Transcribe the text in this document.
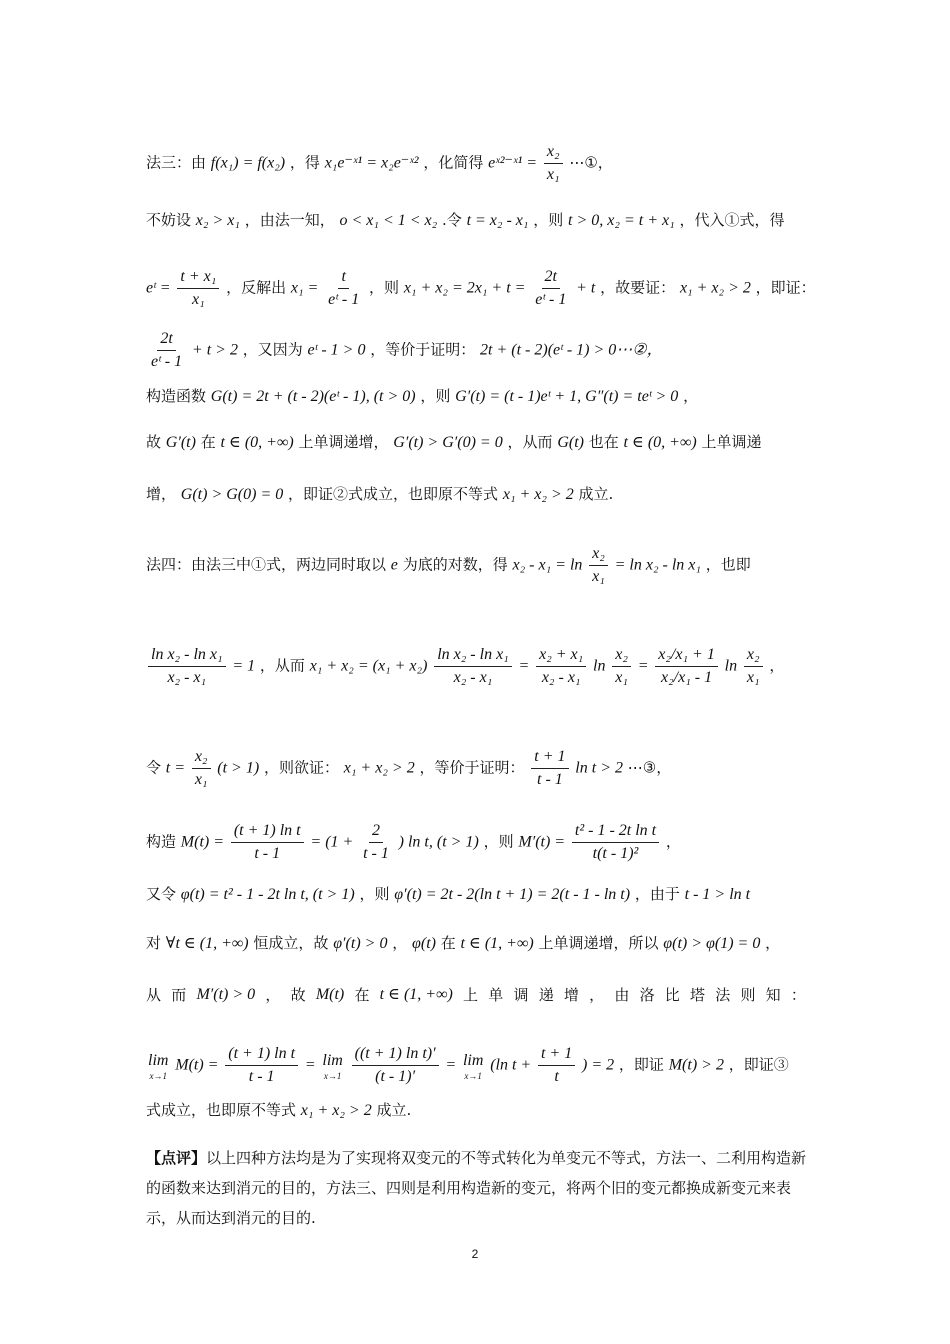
法三：由 f(x₁) = f(x₂) ，得 x₁e⁻ˣ¹ = x₂e⁻ˣ² ，化简得 eˣ²⁻ˣ¹ = $\frac{\text{x₂}}{\text{x₁}}$ ⋯①，
不妨设 x₂ > x₁ ，由法一知， o < x₁ < 1 < x₂ .令 t = x₂ - x₁ ，则 t > 0, x₂ = t + x₁ ，代入①式，得
eᵗ = $\frac{\text{t + x₁}}{\text{x₁}}$ ，反解出 $x_1 = \frac{t}{\text{eᵗ - 1}}$ ，则 $x_1 + x_2 = 2x_1 + t = \frac{2t}{\text{eᵗ - 1}} + t$ ，故要证： x₁ + x₂ > 2 ，即证：
$\frac{2t}{\text{eᵗ - 1}} + t > 2$ ，又因为 eᵗ - 1 > 0 ，等价于证明： 2t + (t - 2)(eᵗ - 1) > 0⋯②，
构造函数 G(t) = 2t + (t - 2)(eᵗ - 1), (t > 0) ，则 G′(t) = (t - 1)eᵗ + 1, G″(t) = teᵗ > 0 ，
故 G′(t) 在 t ∈ (0, +∞) 上单调递增， G′(t) > G′(0) = 0 ，从而 G(t) 也在 t ∈ (0, +∞) 上单调递
增， G(t) > G(0) = 0 ，即证②式成立，也即原不等式 x₁ + x₂ > 2 成立.
法四：由法三中①式，两边同时取以 e 为底的对数，得 $x_2 - x_1 = \ln \frac{\text{x₂}}{\text{x₁}} = \ln x_2 - \ln x_1$ ，也即
$\frac{\text{ln x₂ - ln x₁}}{\text{x₂ - x₁}} = 1$ ，从而 $x_1 + x_2 = (x_1 + x_2) \frac{\text{ln x₂ - ln x₁}}{\text{x₂ - x₁}} = \frac{\text{x₂ + x₁}}{\text{x₂ - x₁}}$ $\ln \frac{\text{x₂}}{\text{x₁}} = \frac{\text{x₂/x₁ + 1}}{\text{x₂/x₁ - 1}}$ $\ln \frac{\text{x₂}}{\text{x₁}}$ ，
令 $t = \frac{\text{x₂}}{\text{x₁}} (t > 1)$ ，则欲证： x₁ + x₂ > 2 ，等价于证明： $\frac{t + 1}{t - 1}$ ln t > 2 ⋯③，
构造 $M(t) = \frac{\text{(t + 1) ln t}}{t - 1} = (1 + \frac{2}{t - 1}$ ) ln t, (t > 1) ，则 $M'(t) = \frac{\text{t² - 1 - 2t ln t}}{\text{t(t - 1)²}}$ ，
又令 φ(t) = t² - 1 - 2t ln t, (t > 1) ，则 φ′(t) = 2t - 2(ln t + 1) = 2(t - 1 - ln t) ，由于 t - 1 > ln t
对 ∀t ∈ (1, +∞) 恒成立，故 φ′(t) > 0 ， φ(t) 在 t ∈ (1, +∞) 上单调递增，所以 φ(t) > φ(1) = 0 ，
从 而 M′(t) > 0 ， 故 M(t) 在 t ∈ (1, +∞) 上 单 调 递 增 ， 由 洛 比 塔 法 则 知 ：
lim
x→1
$M(t) = \frac{\text{(t + 1) ln t}}{t - 1} = \lim$
x→1
$\frac{\text{((t + 1) ln t)′}}{(t - 1)'} = \lim$
x→1
(ln $t + \frac{t + 1}{t}$ ) = 2 ，即证 M(t) > 2 ，即证③
式成立，也即原不等式 x₁ + x₂ > 2 成立.
【点评】以上四种方法均是为了实现将双变元的不等式转化为单变元不等式，方法一、二利用构造新的函数来达到消元的目的，方法三、四则是利用构造新的变元，将两个旧的变元都换成新变元来表示，从而达到消元的目的.
2
